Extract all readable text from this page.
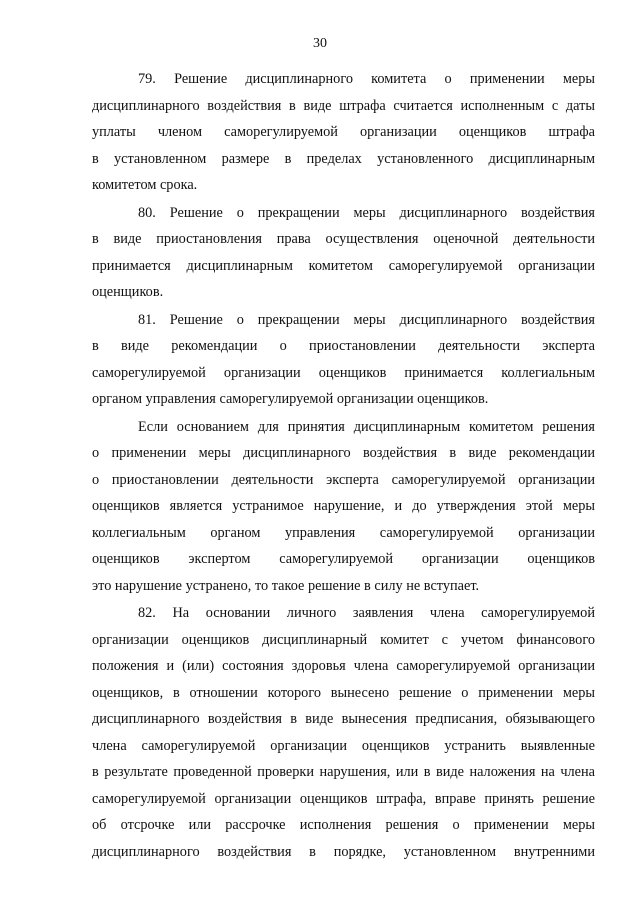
30
79. Решение дисциплинарного комитета о применении меры
дисциплинарного воздействия в виде штрафа считается исполненным с даты
уплаты членом саморегулируемой организации оценщиков штрафа
в установленном размере в пределах установленного дисциплинарным
комитетом срока.
80. Решение о прекращении меры дисциплинарного воздействия
в виде приостановления права осуществления оценочной деятельности
принимается дисциплинарным комитетом саморегулируемой организации
оценщиков.
81. Решение о прекращении меры дисциплинарного воздействия
в виде рекомендации о приостановлении деятельности эксперта
саморегулируемой организации оценщиков принимается коллегиальным
органом управления саморегулируемой организации оценщиков.
Если основанием для принятия дисциплинарным комитетом решения
о применении меры дисциплинарного воздействия в виде рекомендации
о приостановлении деятельности эксперта саморегулируемой организации
оценщиков является устранимое нарушение, и до утверждения этой меры
коллегиальным органом управления саморегулируемой организации
оценщиков экспертом саморегулируемой организации оценщиков
это нарушение устранено, то такое решение в силу не вступает.
82. На основании личного заявления члена саморегулируемой
организации оценщиков дисциплинарный комитет с учетом финансового
положения и (или) состояния здоровья члена саморегулируемой организации
оценщиков, в отношении которого вынесено решение о применении меры
дисциплинарного воздействия в виде вынесения предписания, обязывающего
члена саморегулируемой организации оценщиков устранить выявленные
в результате проведенной проверки нарушения, или в виде наложения на члена
саморегулируемой организации оценщиков штрафа, вправе принять решение
об отсрочке или рассрочке исполнения решения о применении меры
дисциплинарного воздействия в порядке, установленном внутренними
